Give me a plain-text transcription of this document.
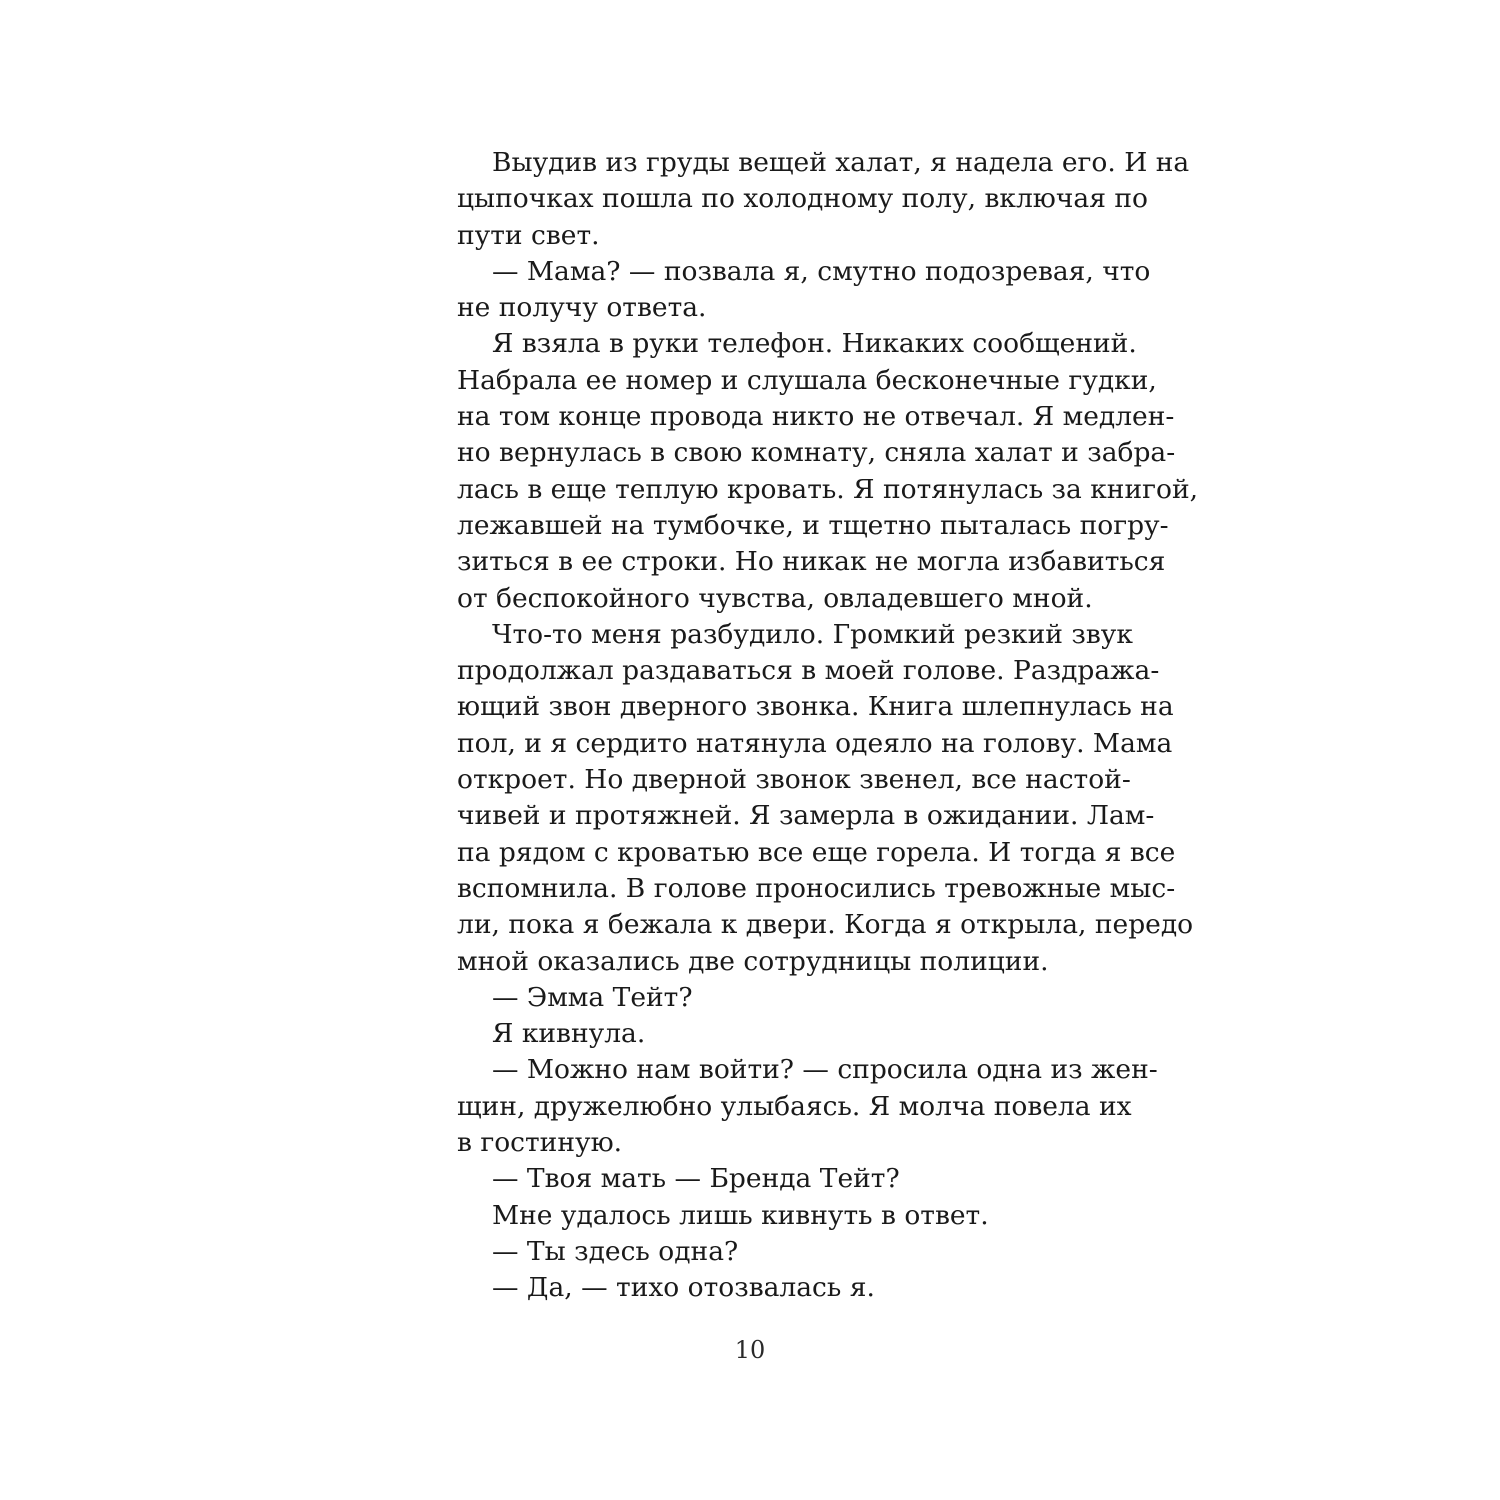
Выудив из груды вещей халат, я надела его. И на
цыпочках пошла по холодному полу, включая по
пути свет.
— Мама? — позвала я, смутно подозревая, что
не получу ответа.
Я взяла в руки телефон. Никаких сообщений.
Набрала ее номер и слушала бесконечные гудки,
на том конце провода никто не отвечал. Я медлен-
но вернулась в свою комнату, сняла халат и забра-
лась в еще теплую кровать. Я потянулась за книгой,
лежавшей на тумбочке, и тщетно пыталась погру-
зиться в ее строки. Но никак не могла избавиться
от беспокойного чувства, овладевшего мной.
Что-то меня разбудило. Громкий резкий звук
продолжал раздаваться в моей голове. Раздража-
ющий звон дверного звонка. Книга шлепнулась на
пол, и я сердито натянула одеяло на голову. Мама
откроет. Но дверной звонок звенел, все настой-
чивей и протяжней. Я замерла в ожидании. Лам-
па рядом с кроватью все еще горела. И тогда я все
вспомнила. В голове проносились тревожные мыс-
ли, пока я бежала к двери. Когда я открыла, передо
мной оказались две сотрудницы полиции.
— Эмма Тейт?
Я кивнула.
— Можно нам войти? — спросила одна из жен-
щин, дружелюбно улыбаясь. Я молча повела их
в гостиную.
— Твоя мать — Бренда Тейт?
Мне удалось лишь кивнуть в ответ.
— Ты здесь одна?
— Да, — тихо отозвалась я.
10
